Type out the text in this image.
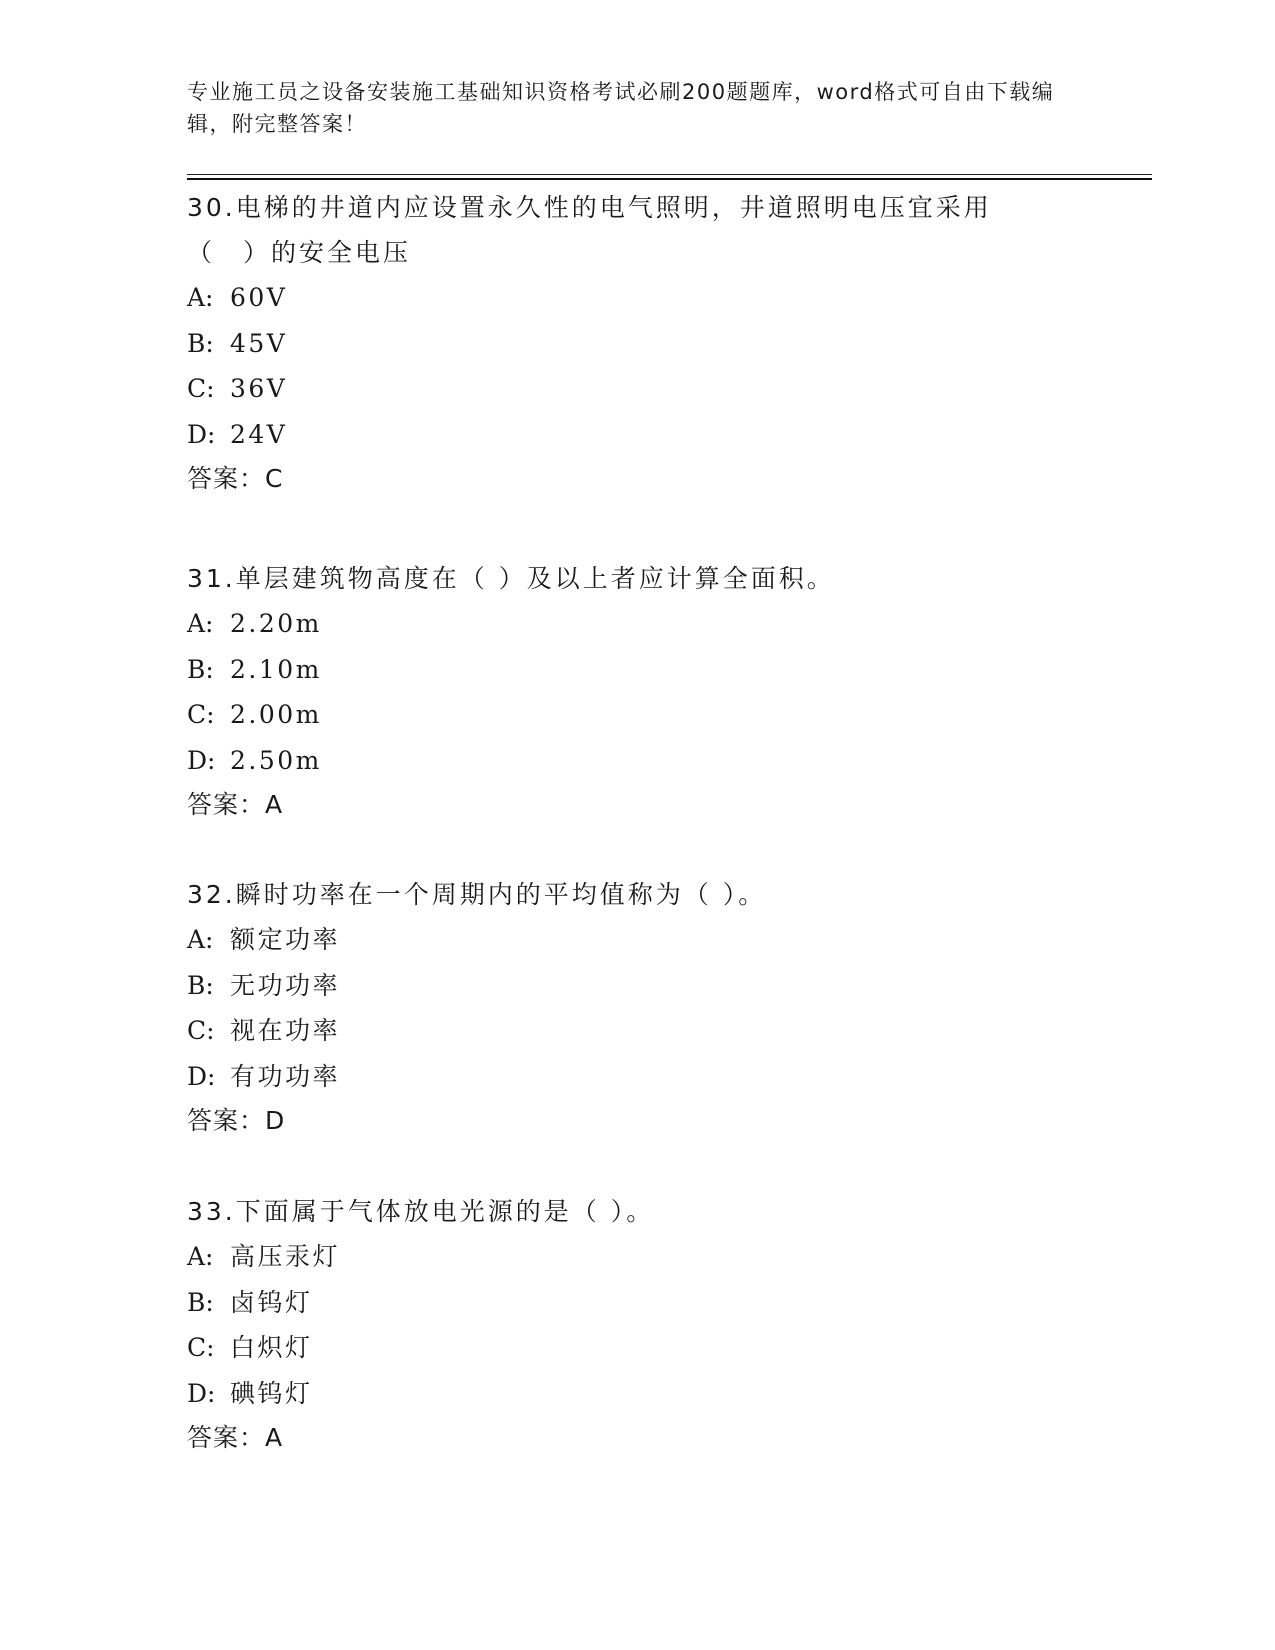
专业施工员之设备安装施工基础知识资格考试必刷200题题库，word格式可自由下载编辑，附完整答案！

30.电梯的井道内应设置永久性的电气照明，井道照明电压宜采用（　）的安全电压

A: 60V

B: 45V

C: 36V

D: 24V

答案：C

31.单层建筑物高度在（ ）及以上者应计算全面积。

A: 2.20m

B: 2.10m

C: 2.00m

D: 2.50m

答案：A

32.瞬时功率在一个周期内的平均值称为（ ）。

A: 额定功率

B: 无功功率

C: 视在功率

D: 有功功率

答案：D

33.下面属于气体放电光源的是（ ）。

A: 高压汞灯

B: 卤钨灯

C: 白炽灯

D: 碘钨灯

答案：A
